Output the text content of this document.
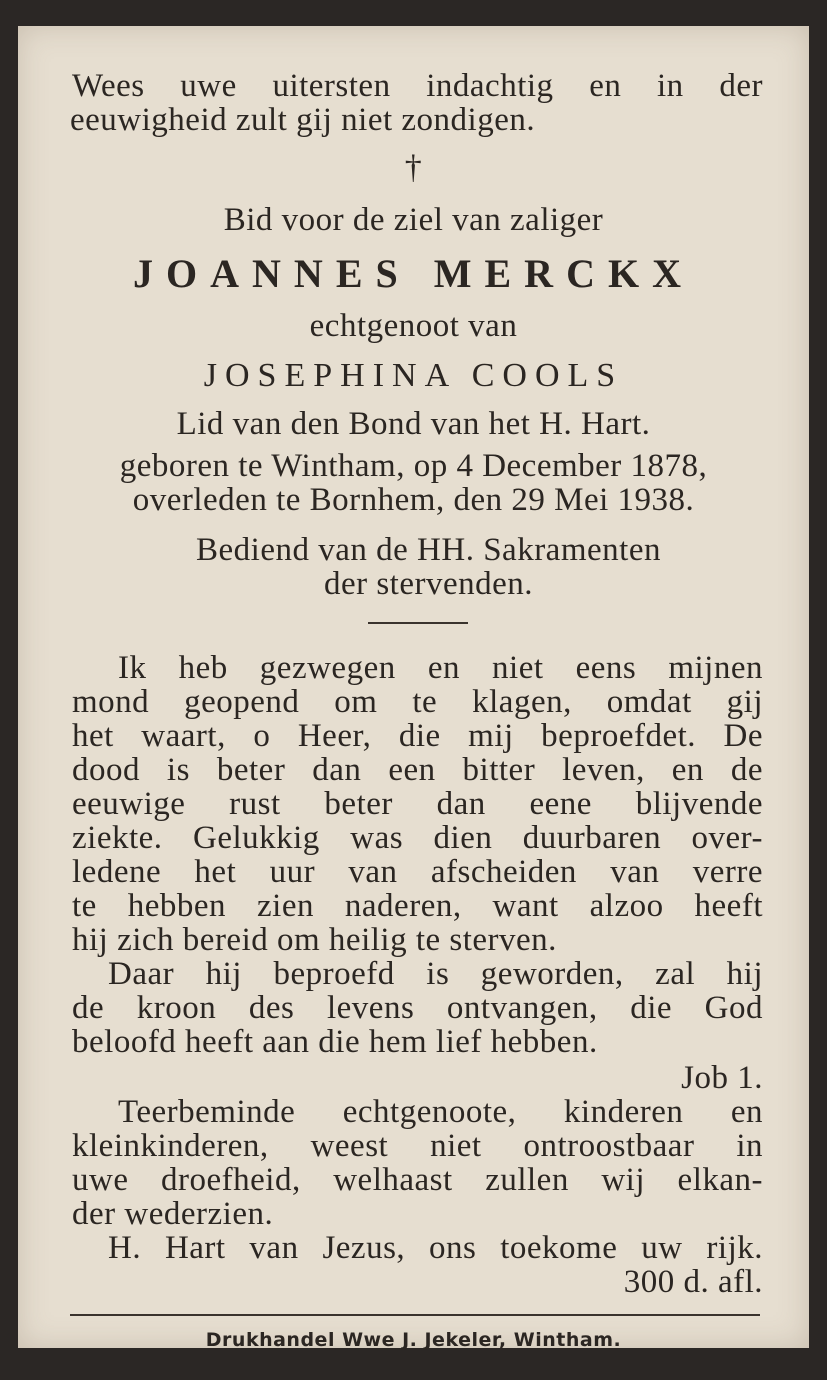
Wees uwe uitersten indachtig en in der
eeuwigheid zult gij niet zondigen.
†
Bid voor de ziel van zaliger
JOANNES MERCKX
echtgenoot van
JOSEPHINA COOLS
Lid van den Bond van het H. Hart.
geboren te Wintham, op 4 December 1878,
overleden te Bornhem, den 29 Mei 1938.
Bediend van de HH. Sakramenten
der stervenden.
Ik heb gezwegen en niet eens mijnen
mond geopend om te klagen, omdat gij
het waart, o Heer, die mij beproefdet. De
dood is beter dan een bitter leven, en de
eeuwige rust beter dan eene blijvende
ziekte. Gelukkig was dien duurbaren over-
ledene het uur van afscheiden van verre
te hebben zien naderen, want alzoo heeft
hij zich bereid om heilig te sterven.
Daar hij beproefd is geworden, zal hij
de kroon des levens ontvangen, die God
beloofd heeft aan die hem lief hebben.
Job 1.
Teerbeminde echtgenoote, kinderen en
kleinkinderen, weest niet ontroostbaar in
uwe droefheid, welhaast zullen wij elkan-
der wederzien.
H. Hart van Jezus, ons toekome uw rijk.
300 d. afl.
Drukhandel Wwe J. Jekeler, Wintham.
